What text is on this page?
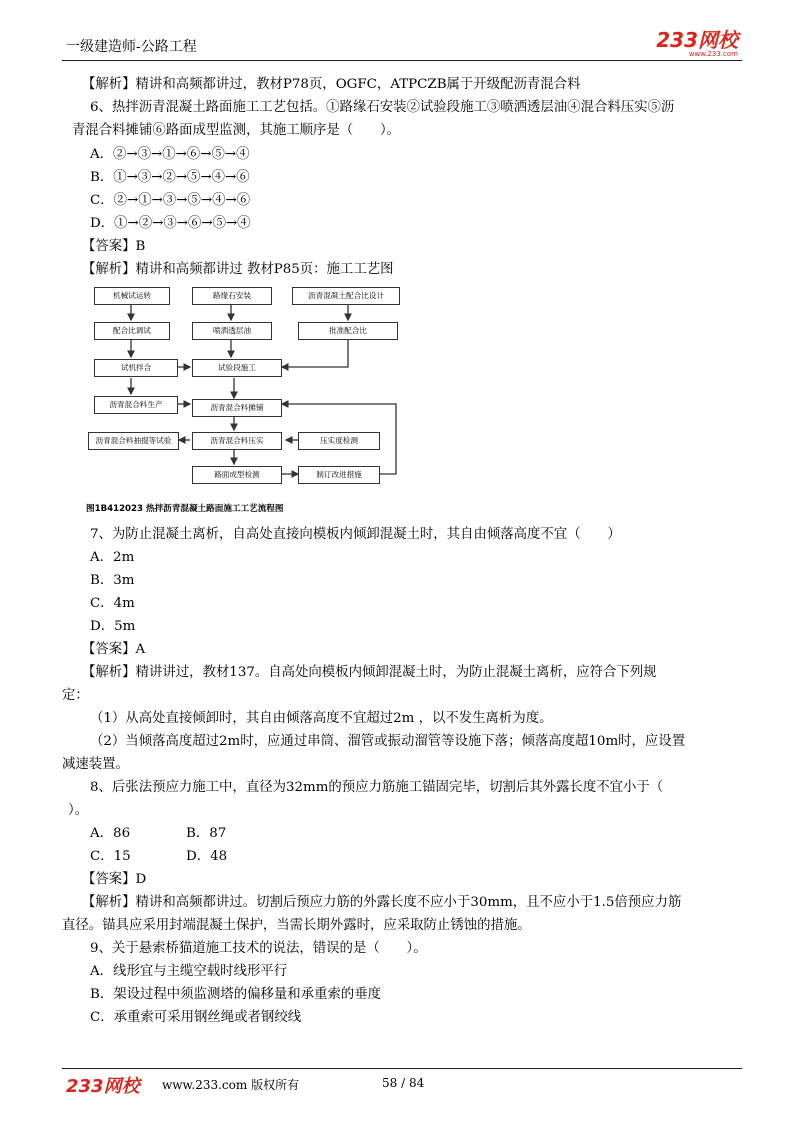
一级建造师-公路工程	233网校
www.233.com
【解析】精讲和高频都讲过，教材P78页，OGFC，ATPCZB属于开级配沥青混合料
6、热拌沥青混凝土路面施工工艺包括。①路缘石安装②试验段施工③喷洒透层油④混合料压实⑤沥
青混合料摊铺⑥路面成型监测，其施工顺序是（　　）。
A．②→③→①→⑥→⑤→④
B．①→③→②→⑤→④→⑥
C．②→①→③→⑤→④→⑥
D．①→②→③→⑥→⑤→④
【答案】B
【解析】精讲和高频都讲过 教材P85页：施工工艺图
机械试运转	路缘石安装	沥青混凝土配合比设计
配合比调试	喷洒透层油	批准配合比
试机拌合	试验段施工
沥青混合料生产	沥青混合料摊铺
沥青混合料抽提等试验	沥青混合料压实	压实度检测
路面成型检测	制订改进措施
图1B412023 热拌沥青混凝土路面施工工艺流程图
7、为防止混凝土离析，自高处直接向模板内倾卸混凝土时，其自由倾落高度不宜（　　）
A．2m
B．3m
C．4m
D．5m
【答案】A
【解析】精讲讲过，教材137。自高处向模板内倾卸混凝土时，为防止混凝土离析，应符合下列规
定：
（1）从高处直接倾卸时，其自由倾落高度不宜超过2m ，以不发生离析为度。
（2）当倾落高度超过2m时，应通过串筒、溜管或振动溜管等设施下落；倾落高度超10m时，应设置
减速装置。
8、后张法预应力施工中，直径为32mm的预应力筋施工锚固完毕，切割后其外露长度不宜小于（
）。
A．86	B．87
C．15	D．48
【答案】D
【解析】精讲和高频都讲过。切割后预应力筋的外露长度不应小于30mm，且不应小于1.5倍预应力筋
直径。锚具应采用封端混凝土保护，当需长期外露时，应采取防止锈蚀的措施。
9、关于悬索桥猫道施工技术的说法，错误的是（　　）。
A．线形宜与主缆空载时线形平行
B．架设过程中须监测塔的偏移量和承重索的垂度
C．承重索可采用钢丝绳或者钢绞线
233网校 www.233.com 版权所有	58 / 84
